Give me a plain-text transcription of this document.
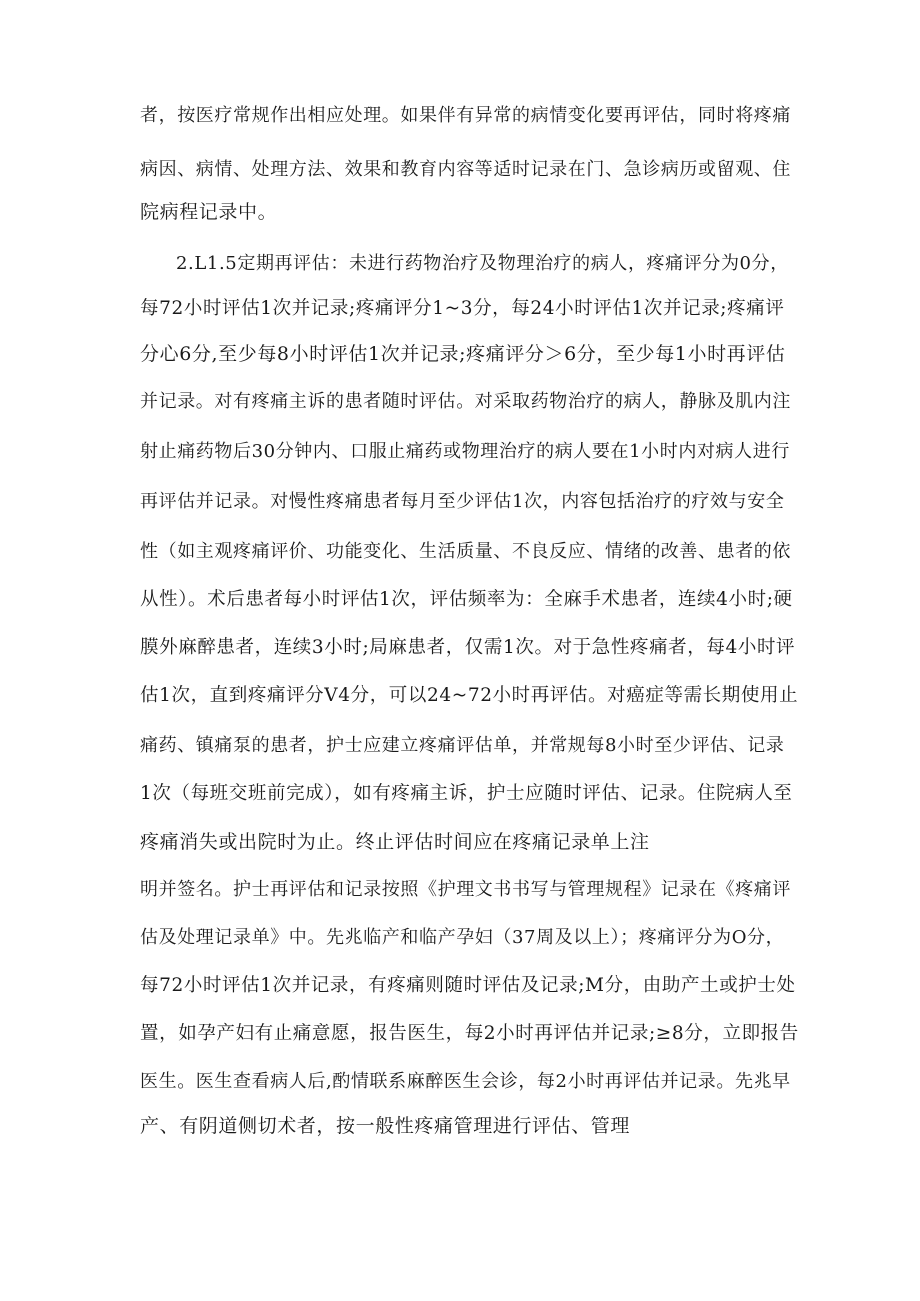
者，按医疗常规作出相应处理。如果伴有异常的病情变化要再评估，同时将疼痛
病因、病情、处理方法、效果和教育内容等适时记录在门、急诊病历或留观、住
院病程记录中。
2.L1.5定期再评估：未进行药物治疗及物理治疗的病人，疼痛评分为0分，
每72小时评估1次并记录;疼痛评分1~3分，每24小时评估1次并记录;疼痛评
分心6分,至少每8小时评估1次并记录;疼痛评分＞6分，至少每1小时再评估
并记录。对有疼痛主诉的患者随时评估。对采取药物治疗的病人，静脉及肌内注
射止痛药物后30分钟内、口服止痛药或物理治疗的病人要在1小时内对病人进行
再评估并记录。对慢性疼痛患者每月至少评估1次，内容包括治疗的疗效与安全
性（如主观疼痛评价、功能变化、生活质量、不良反应、情绪的改善、患者的依
从性）。术后患者每小时评估1次，评估频率为：全麻手术患者，连续4小时;硬
膜外麻醉患者，连续3小时;局麻患者，仅需1次。对于急性疼痛者，每4小时评
估1次，直到疼痛评分V4分，可以24~72小时再评估。对癌症等需长期使用止
痛药、镇痛泵的患者，护士应建立疼痛评估单，并常规每8小时至少评估、记录
1次（每班交班前完成），如有疼痛主诉，护士应随时评估、记录。住院病人至
疼痛消失或出院时为止。终止评估时间应在疼痛记录单上注
明并签名。护士再评估和记录按照《护理文书书写与管理规程》记录在《疼痛评
估及处理记录单》中。先兆临产和临产孕妇（37周及以上）；疼痛评分为O分，
每72小时评估1次并记录，有疼痛则随时评估及记录;M分，由助产土或护士处
置，如孕产妇有止痛意愿，报告医生，每2小时再评估并记录;≥8分，立即报告
医生。医生查看病人后,酌情联系麻醉医生会诊，每2小时再评估并记录。先兆早
产、有阴道侧切术者，按一般性疼痛管理进行评估、管理
